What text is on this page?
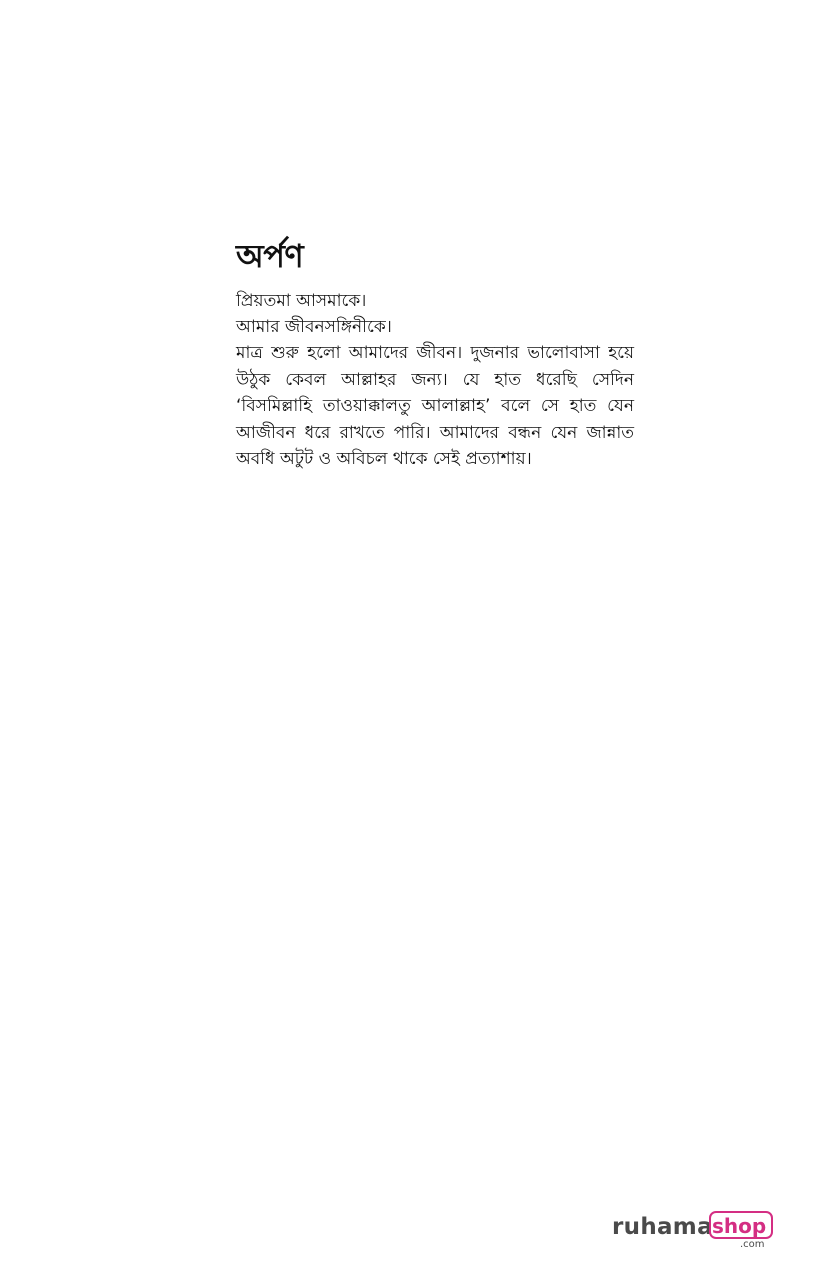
অর্পণ

প্রিয়তমা আসমাকে।

আমার জীবনসঙ্গিনীকে।

মাত্র শুরু হলো আমাদের জীবন। দুজনার ভালোবাসা হয়ে
উঠুক কেবল আল্লাহর জন্য। যে হাত ধরেছি সেদিন
‘বিসমিল্লাহি তাওয়াক্কালতু আলাল্লাহ’ বলে সে হাত যেন
আজীবন ধরে রাখতে পারি। আমাদের বন্ধন যেন জান্নাত
অবধি অটুট ও অবিচল থাকে সেই প্রত্যাশায়।
ruhama shop
.com
